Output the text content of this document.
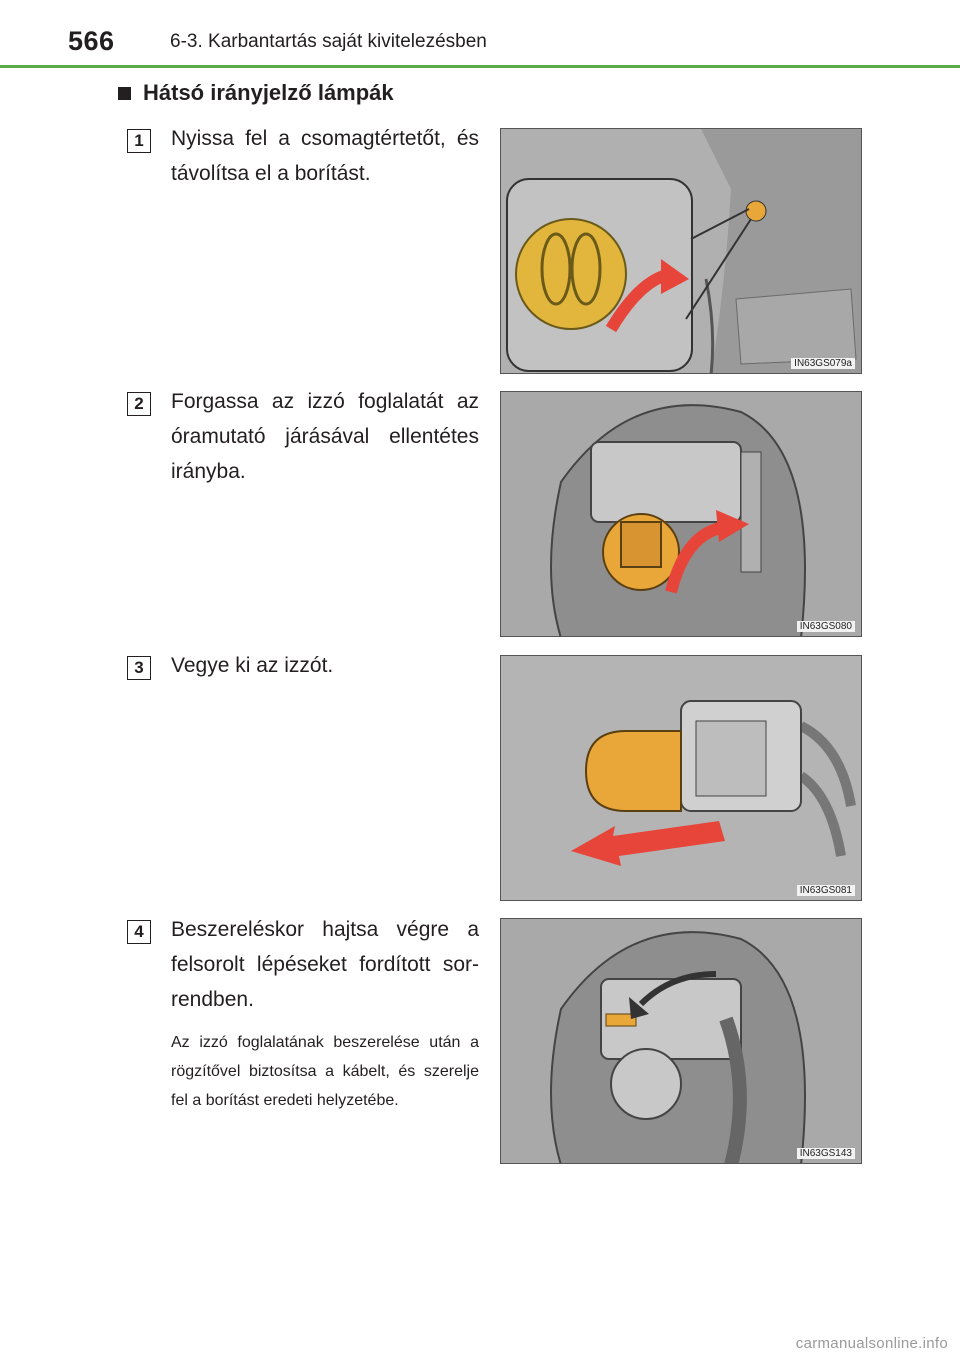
566	6-3. Karbantartás saját kivitelezésben
Hátsó irányjelző lámpák
1	Nyissa fel a csomagtértetőt, és távolítsa el a borítást.
IN63GS079a
2	Forgassa az izzó foglalatát az óramutató járásával ellentétes irányba.
IN63GS080
3	Vegye ki az izzót.
IN63GS081
4	Beszereléskor hajtsa végre a felsorolt lépéseket fordított sor-rendben.
Az izzó foglalatának beszerelése után a rögzítővel biztosítsa a kábelt, és szerelje fel a borítást eredeti helyzetébe.
IN63GS143
carmanualsonline.info
